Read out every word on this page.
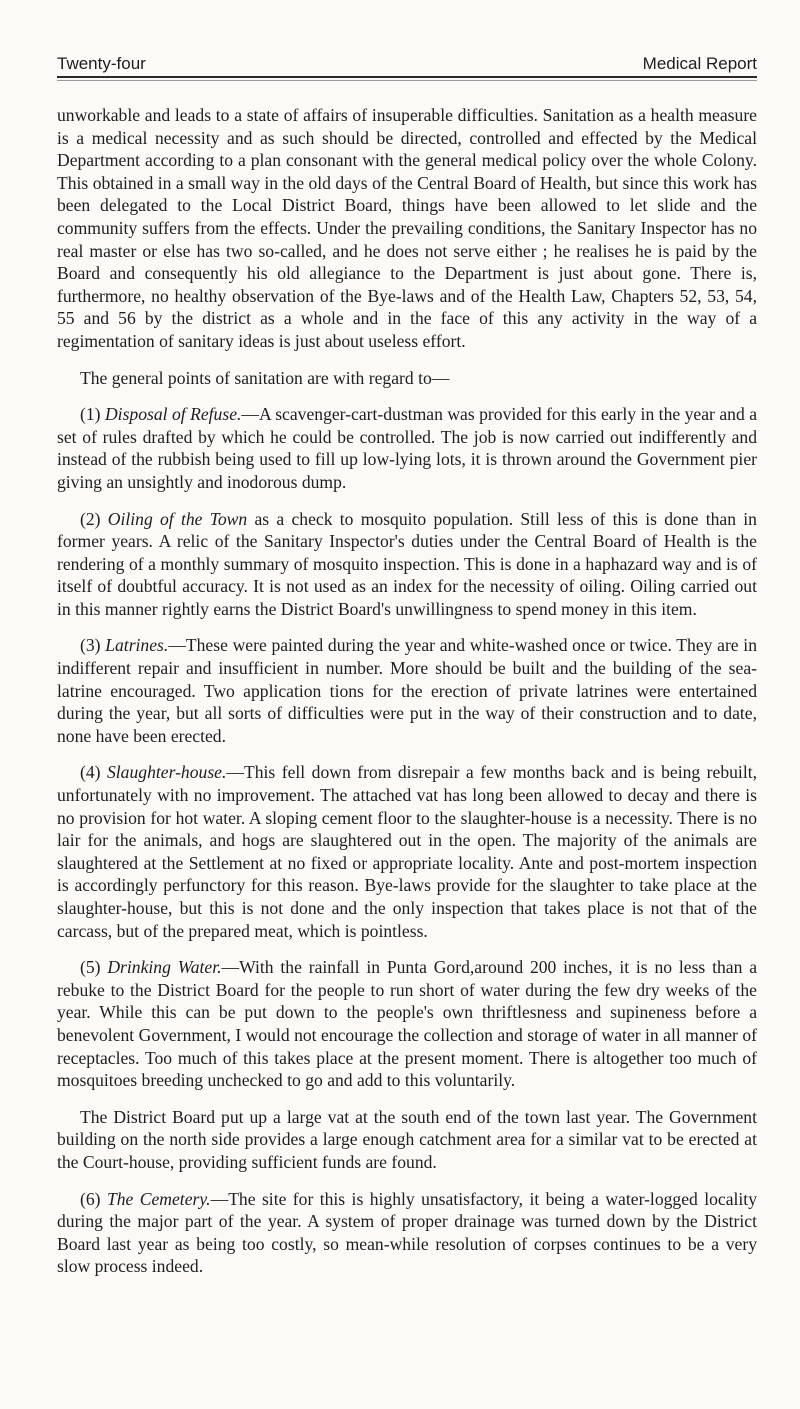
Twenty-four	Medical Report

unworkable and leads to a state of affairs of insuperable difficulties. Sanitation as a health measure is a medical necessity and as such should be directed, controlled and effected by the Medical Department according to a plan consonant with the general medical policy over the whole Colony. This obtained in a small way in the old days of the Central Board of Health, but since this work has been delegated to the Local District Board, things have been allowed to let slide and the community suffers from the effects. Under the prevailing conditions, the Sanitary Inspector has no real master or else has two so-called, and he does not serve either ; he realises he is paid by the Board and consequently his old allegiance to the Department is just about gone. There is, furthermore, no healthy observation of the Bye-laws and of the Health Law, Chapters 52, 53, 54, 55 and 56 by the district as a whole and in the face of this any activity in the way of a regimentation of sanitary ideas is just about useless effort.

The general points of sanitation are with regard to—

(1) Disposal of Refuse.—A scavenger-cart-dustman was provided for this early in the year and a set of rules drafted by which he could be controlled. The job is now carried out indifferently and instead of the rubbish being used to fill up low-lying lots, it is thrown around the Government pier giving an unsightly and inodorous dump.

(2) Oiling of the Town as a check to mosquito population. Still less of this is done than in former years. A relic of the Sanitary Inspector's duties under the Central Board of Health is the rendering of a monthly summary of mosquito inspection. This is done in a haphazard way and is of itself of doubtful accuracy. It is not used as an index for the necessity of oiling. Oiling carried out in this manner rightly earns the District Board's unwillingness to spend money in this item.

(3) Latrines.—These were painted during the year and white-washed once or twice. They are in indifferent repair and insufficient in number. More should be built and the building of the sea-latrine encouraged. Two application tions for the erection of private latrines were entertained during the year, but all sorts of difficulties were put in the way of their construction and to date, none have been erected.

(4) Slaughter-house.—This fell down from disrepair a few months back and is being rebuilt, unfortunately with no improvement. The attached vat has long been allowed to decay and there is no provision for hot water. A sloping cement floor to the slaughter-house is a necessity. There is no lair for the animals, and hogs are slaughtered out in the open. The majority of the animals are slaughtered at the Settlement at no fixed or appropriate locality. Ante and post-mortem inspection is accordingly perfunctory for this reason. Bye-laws provide for the slaughter to take place at the slaughter-house, but this is not done and the only inspection that takes place is not that of the carcass, but of the prepared meat, which is pointless.

(5) Drinking Water.—With the rainfall in Punta Gord,around 200 inches, it is no less than a rebuke to the District Board for the people to run short of water during the few dry weeks of the year. While this can be put down to the people's own thriftlesness and supineness before a benevolent Government, I would not encourage the collection and storage of water in all manner of receptacles. Too much of this takes place at the present moment. There is altogether too much of mosquitoes breeding unchecked to go and add to this voluntarily.

The District Board put up a large vat at the south end of the town last year. The Government building on the north side provides a large enough catchment area for a similar vat to be erected at the Court-house, providing sufficient funds are found.

(6) The Cemetery.—The site for this is highly unsatisfactory, it being a water-logged locality during the major part of the year. A system of proper drainage was turned down by the District Board last year as being too costly, so mean-while resolution of corpses continues to be a very slow process indeed.
